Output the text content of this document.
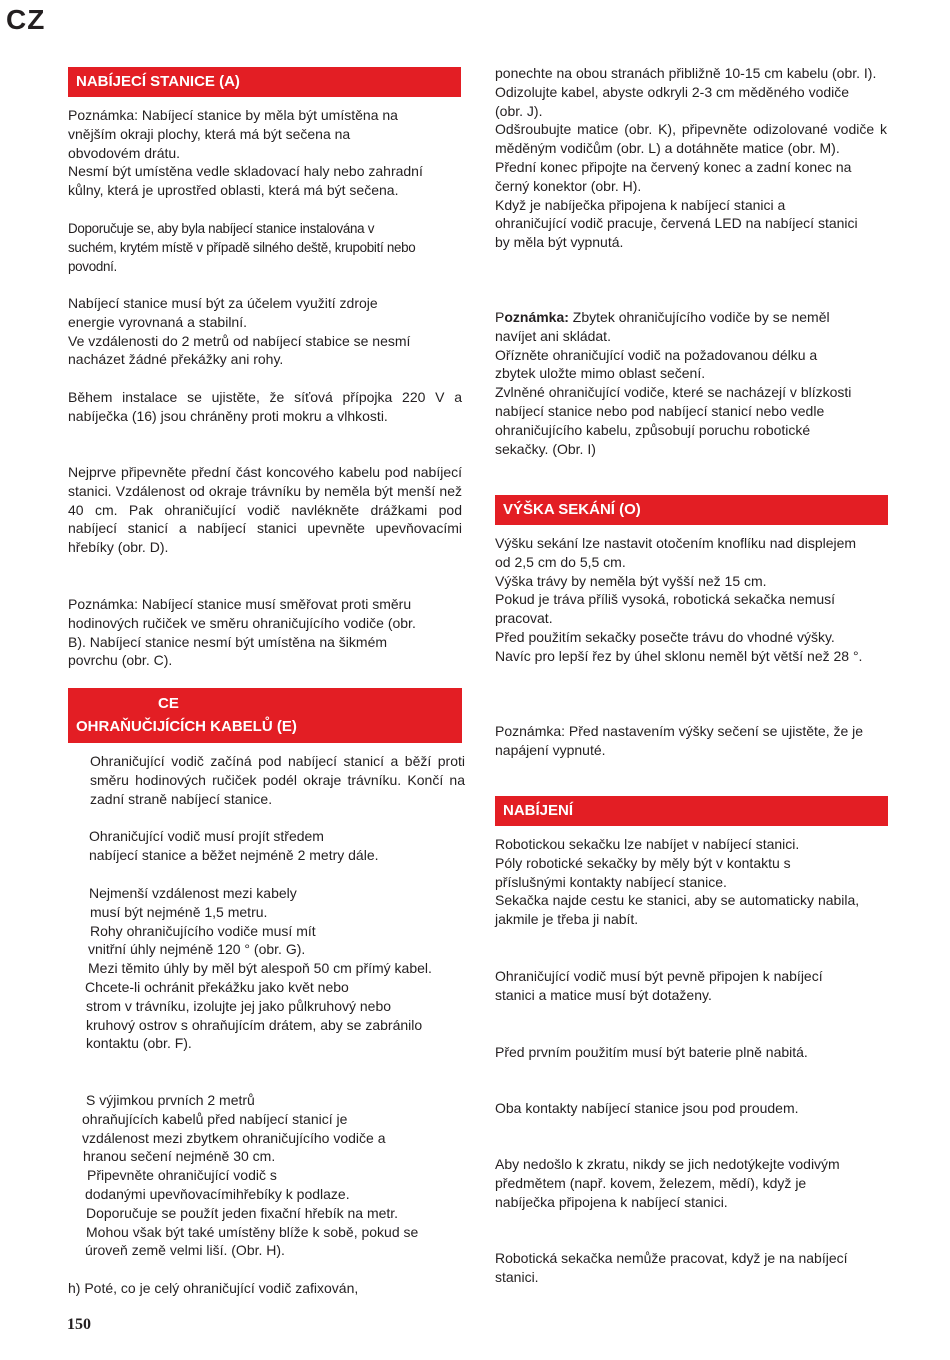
CZ
NABÍJECÍ STANICE (A)
Poznámka: Nabíjecí stanice by měla být umístěna na
vnějším okraji plochy, která má být sečena na
obvodovém drátu.
Nesmí být umístěna vedle skladovací haly nebo zahradní
kůlny, která je uprostřed oblasti, která má být sečena.
Doporučuje se, aby byla nabíjecí stanice instalována v
suchém, krytém místě v případě silného deště, krupobití nebo
povodní.
Nabíjecí stanice musí být za účelem využití zdroje
energie vyrovnaná a stabilní.
Ve vzdálenosti do 2 metrů od nabíjecí stabice se nesmí
nacházet žádné překážky ani rohy.

Během instalace se ujistěte, že síťová přípojka 220 V a nabíječka (16) jsou chráněny proti mokru a vlhkosti.

Nejprve připevněte přední část koncového kabelu pod nabíjecí stanici. Vzdálenost od okraje trávníku by neměla být menší než 40 cm. Pak ohraničující vodič navlékněte drážkami pod nabíjecí stanicí a nabíjecí stanici upevněte upevňovacími hřebíky (obr. D).

Poznámka: Nabíjecí stanice musí směřovat proti směru
hodinových ručiček ve směru ohraničujícího vodiče (obr.
B). Nabíjecí stanice nesmí být umístěna na šikmém
povrchu (obr. C).
CE
OHRAŇUČIJÍCÍCH KABELŮ (E)

Ohraničující vodič začíná pod nabíjecí stanicí a běží proti směru hodinových ručiček podél okraje trávníku. Končí na zadní straně nabíjecí stanice.

Ohraničující vodič musí projít středem
nabíjecí stanice a běžet nejméně 2 metry dále.
Nejmenší vzdálenost mezi kabely
musí být nejméně 1,5 metru.
Rohy ohraničujícího vodiče musí mít
vnitřní úhly nejméně 120 ° (obr. G).
Mezi těmito úhly by měl být alespoň 50 cm přímý kabel.
Chcete-li ochránit překážku jako květ nebo
strom v trávníku, izolujte jej jako půlkruhový nebo
kruhový ostrov s ohraňujícím drátem, aby se zabránilo
kontaktu (obr. F).
S výjimkou prvních 2 metrů
ohraňujících kabelů před nabíjecí stanicí je
vzdálenost mezi zbytkem ohraničujícího vodiče a
hranou sečení nejméně 30 cm.
Připevněte ohraničující vodič s
dodanými upevňovacímihřebíky k podlaze.
Doporučuje se použít jeden fixační hřebík na metr.
Mohou však být také umístěny blíže k sobě, pokud se
úroveň země velmi liší. (Obr. H).
h) Poté, co je celý ohraničující vodič zafixován,
150

ponechte na obou stranách přibližně 10-15 cm kabelu (obr. I).

Odizolujte kabel, abyste odkryli 2-3 cm měděného vodiče
(obr. J).

Odšroubujte matice (obr. K), připevněte odizolované vodiče k měděným vodičům (obr. L) a dotáhněte matice (obr. M).

Přední konec připojte na červený konec a zadní konec na
černý konektor (obr. H).
Když je nabíječka připojena k nabíjecí stanici a
ohraničující vodič pracuje, červená LED na nabíjecí stanici
by měla být vypnutá.
Poznámka: Zbytek ohraničujícího vodiče by se neměl
navíjet ani skládat.
Ořízněte ohraničující vodič na požadovanou délku a
zbytek uložte mimo oblast sečení.
Zvlněné ohraničující vodiče, které se nacházejí v blízkosti
nabíjecí stanice nebo pod nabíjecí stanicí nebo vedle
ohraničujícího kabelu, způsobují poruchu robotické
sekačky. (Obr. I)
VÝŠKA SEKÁNÍ (O)
Výšku sekání lze nastavit otočením knoflíku nad displejem
od 2,5 cm do 5,5 cm.
Výška trávy by neměla být vyšší než 15 cm.
Pokud je tráva příliš vysoká, robotická sekačka nemusí
pracovat.
Před použitím sekačky posečte trávu do vhodné výšky.
Navíc pro lepší řez by úhel sklonu neměl být větší než 28 °.
Poznámka: Před nastavením výšky sečení se ujistěte, že je
napájení vypnuté.
NABÍJENÍ
Robotickou sekačku lze nabíjet v nabíjecí stanici.
Póly robotické sekačky by měly být v kontaktu s
příslušnými kontakty nabíjecí stanice.
Sekačka najde cestu ke stanici, aby se automaticky nabila,
jakmile je třeba ji nabít.
Ohraničující vodič musí být pevně připojen k nabíjecí
stanici a matice musí být dotaženy.
Před prvním použitím musí být baterie plně nabitá.
Oba kontakty nabíjecí stanice jsou pod proudem.
Aby nedošlo k zkratu, nikdy se jich nedotýkejte vodivým
předmětem (např. kovem, železem, mědí), když je
nabíječka připojena k nabíjecí stanici.
Robotická sekačka nemůže pracovat, když je na nabíjecí
stanici.
